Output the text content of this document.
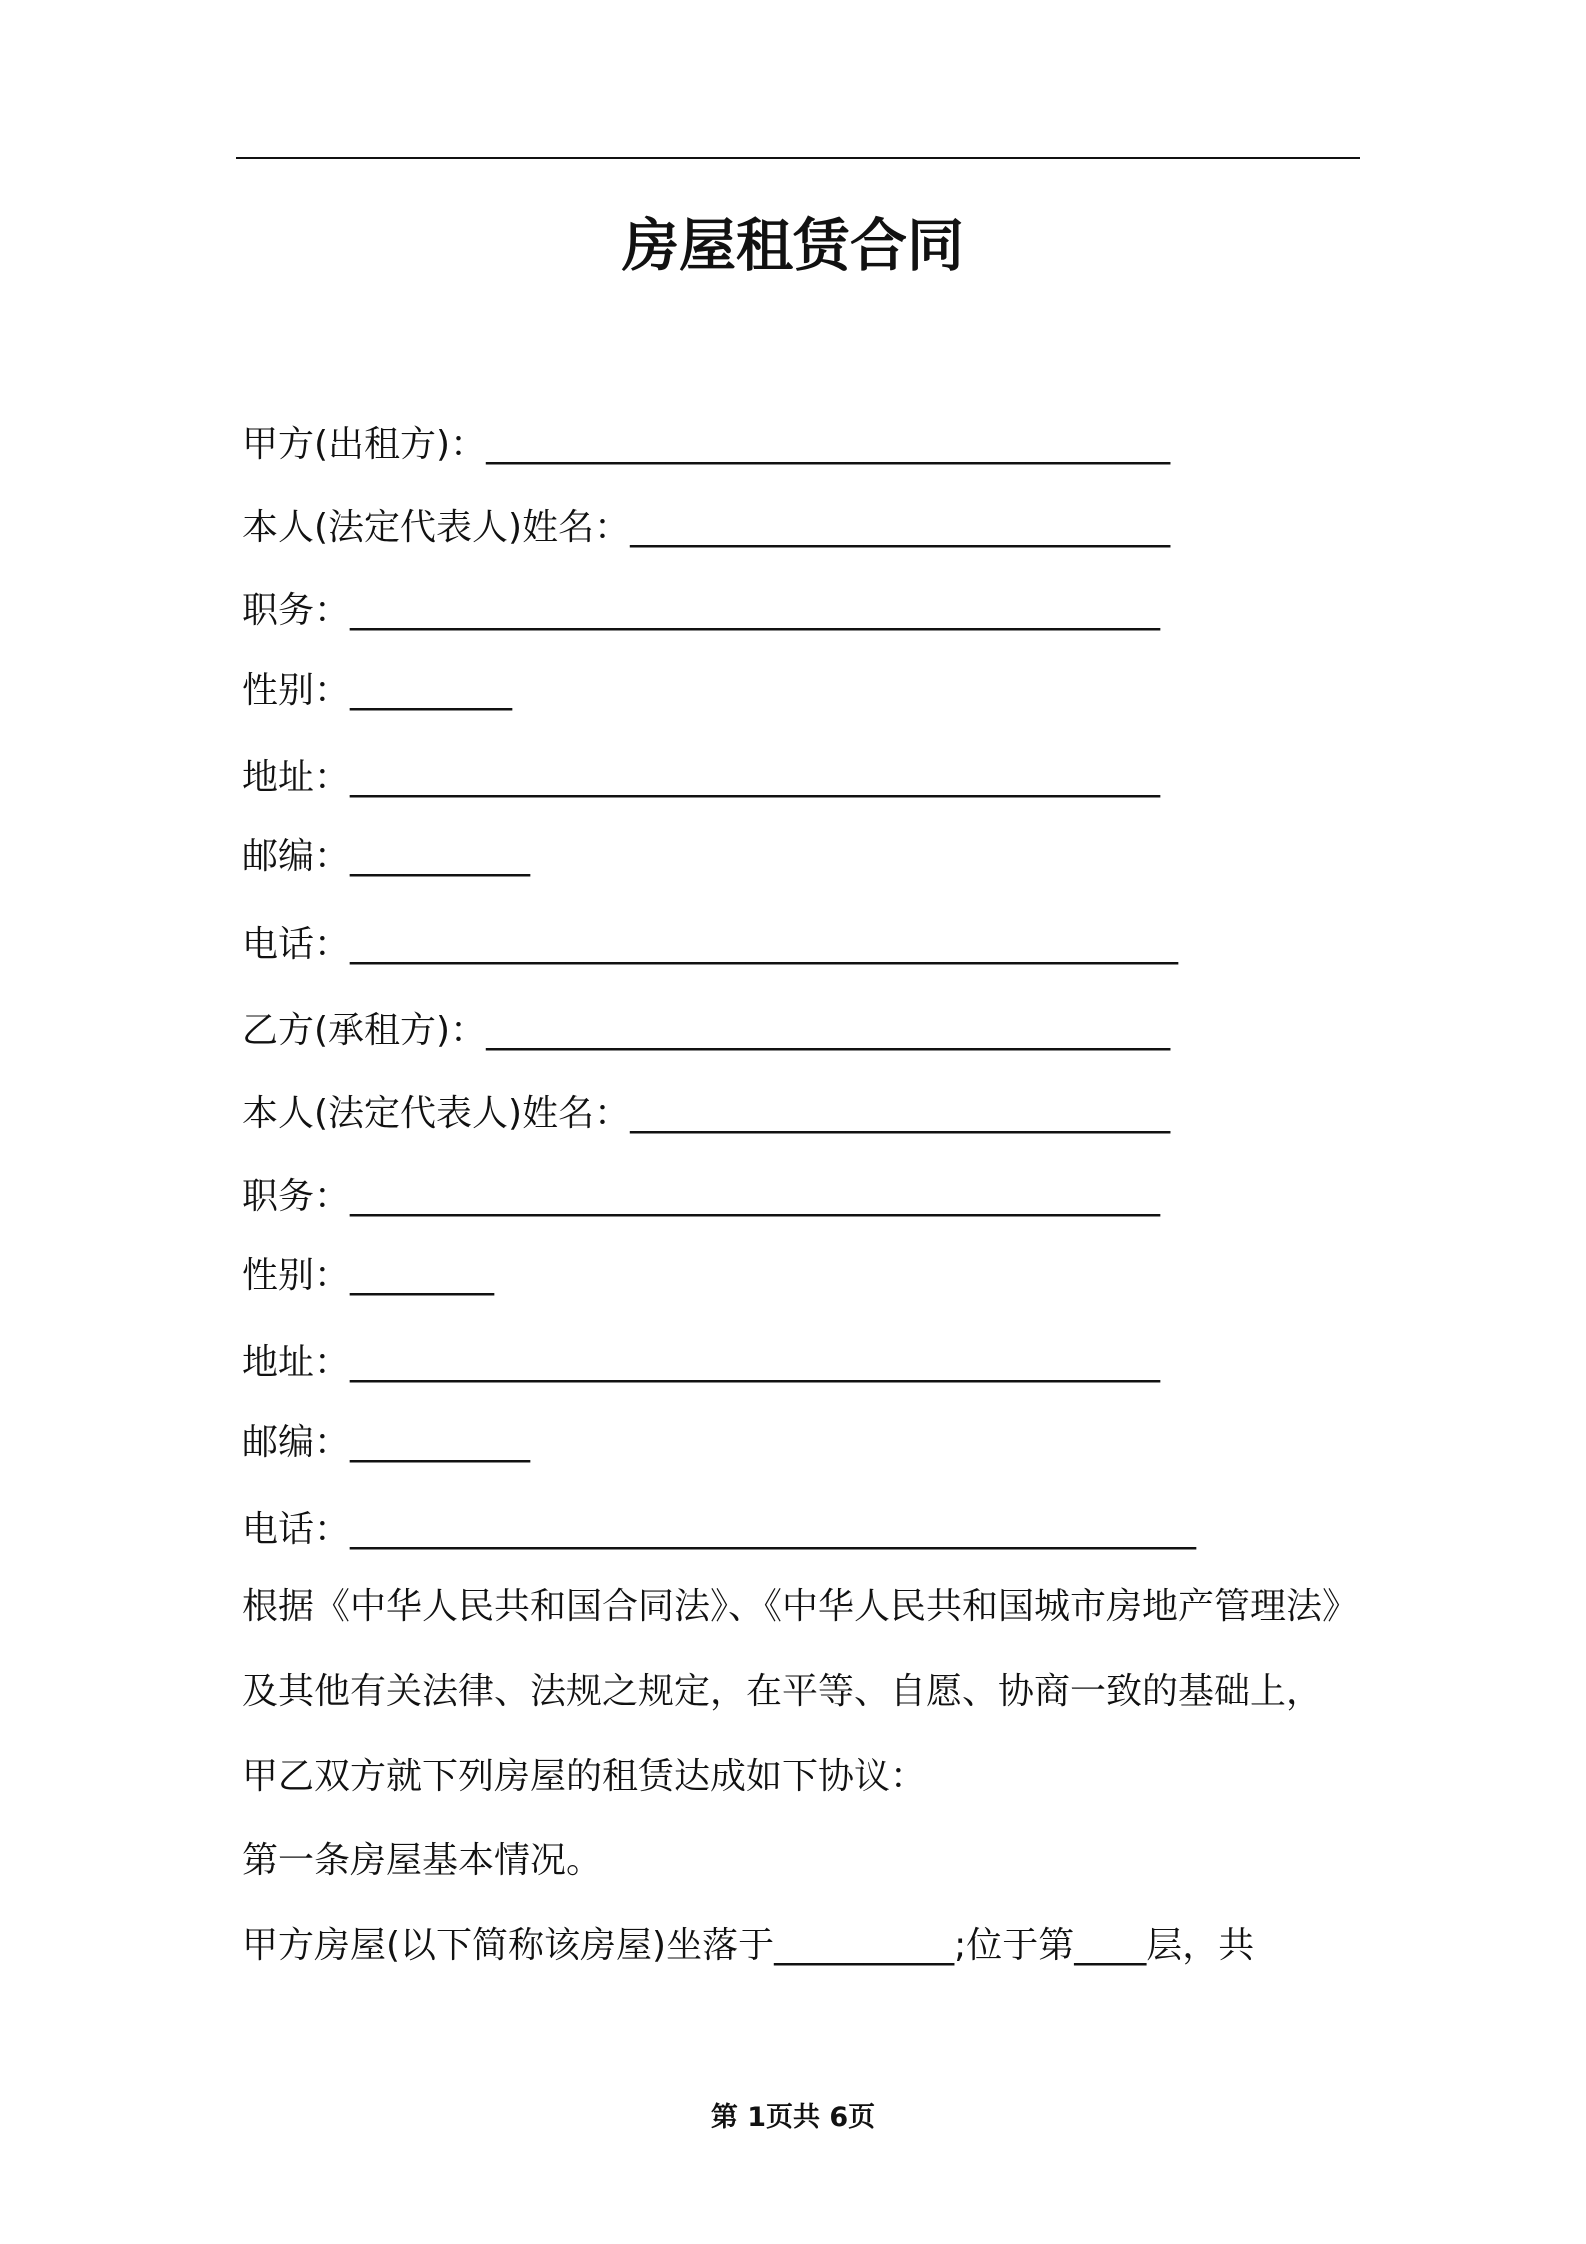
房屋租赁合同
甲方(出租方)：______________________________________
本人(法定代表人)姓名：______________________________
职务：_____________________________________________
性别：_________
地址：_____________________________________________
邮编：__________
电话：______________________________________________
乙方(承租方)：______________________________________
本人(法定代表人)姓名：______________________________
职务：_____________________________________________
性别：________
地址：_____________________________________________
邮编：__________
电话：_______________________________________________
根据《中华人民共和国合同法》、《中华人民共和国城市房地产管理法》
及其他有关法律、法规之规定，在平等、自愿、协商一致的基础上，
甲乙双方就下列房屋的租赁达成如下协议：
第一条房屋基本情况。
甲方房屋(以下简称该房屋)坐落于__________;位于第____层，共
第 1页共 6页
